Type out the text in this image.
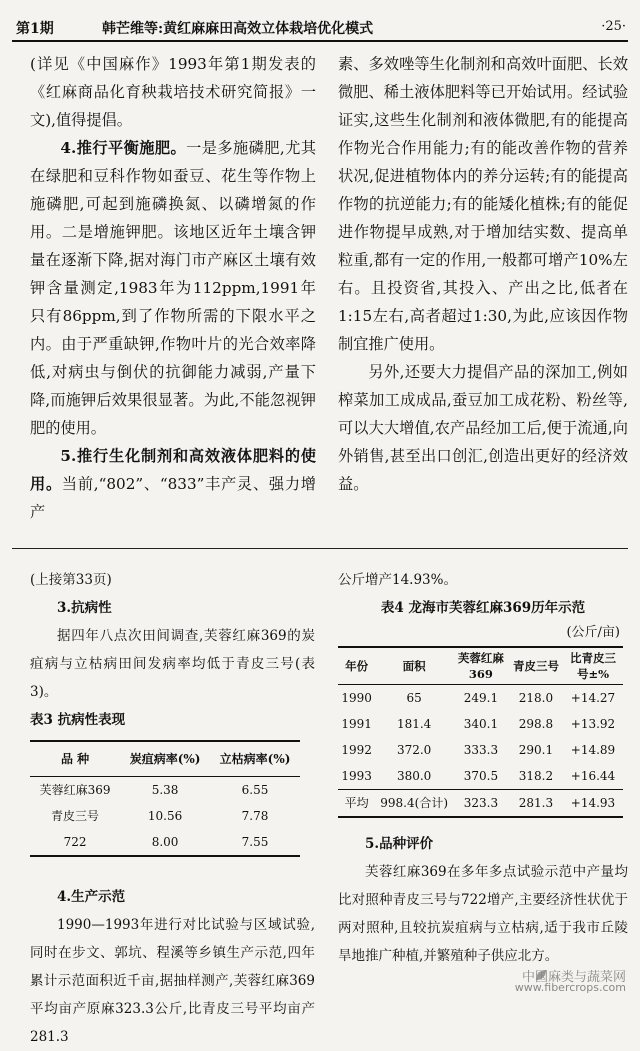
第1期	韩芒维等:黄红麻麻田高效立体栽培优化模式	·25·

(详见《中国麻作》1993年第1期发表的《红麻商品化育秧栽培技术研究简报》一文),值得提倡。

4.推行平衡施肥。一是多施磷肥,尤其在绿肥和豆科作物如蚕豆、花生等作物上施磷肥,可起到施磷换氮、以磷增氮的作用。二是增施钾肥。该地区近年土壤含钾量在逐渐下降,据对海门市产麻区土壤有效钾含量测定,1983年为112ppm,1991年只有86ppm,到了作物所需的下限水平之内。由于严重缺钾,作物叶片的光合效率降低,对病虫与倒伏的抗御能力减弱,产量下降,而施钾后效果很显著。为此,不能忽视钾肥的使用。

5.推行生化制剂和高效液体肥料的使用。当前,“802”、“833”丰产灵、强力增产

素、多效唑等生化制剂和高效叶面肥、长效微肥、稀土液体肥料等已开始试用。经试验证实,这些生化制剂和液体微肥,有的能提高作物光合作用能力;有的能改善作物的营养状况,促进植物体内的养分运转;有的能提高作物的抗逆能力;有的能矮化植株;有的能促进作物提早成熟,对于增加结实数、提高单粒重,都有一定的作用,一般都可增产10%左右。且投资省,其投入、产出之比,低者在1:15左右,高者超过1:30,为此,应该因作物制宜推广使用。

另外,还要大力提倡产品的深加工,例如榨菜加工成成品,蚕豆加工成花粉、粉丝等,可以大大增值,农产品经加工后,便于流通,向外销售,甚至出口创汇,创造出更好的经济效益。

(上接第33页)

3.抗病性

据四年八点次田间调查,芙蓉红麻369的炭疽病与立枯病田间发病率均低于青皮三号(表3)。

表3 抗病性表现

品 种	炭疽病率(%)	立枯病率(%)
芙蓉红麻369	5.38	6.55
青皮三号	10.56	7.78
722	8.00	7.55

4.生产示范

1990—1993年进行对比试验与区域试验,同时在步文、郭坑、程溪等乡镇生产示范,四年累计示范面积近千亩,据抽样测产,芙蓉红麻369平均亩产原麻323.3公斤,比青皮三号平均亩产281.3

公斤增产14.93%。

表4 龙海市芙蓉红麻369历年示范

(公斤/亩)
年份	面积	芙蓉红麻369	青皮三号	比青皮三号±%
1990	65	249.1	218.0	+14.27
1991	181.4	340.1	298.8	+13.92
1992	372.0	333.3	290.1	+14.89
1993	380.0	370.5	318.2	+16.44
平均	998.4(合计)	323.3	281.3	+14.93

5.品种评价

芙蓉红麻369在多年多点试验示范中产量均比对照种青皮三号与722增产,主要经济性状优于两对照种,且较抗炭疽病与立枯病,适于我市丘陵旱地推广种植,并繁殖种子供应北方。

中国麻类与蔬菜网
www.fibercrops.com
